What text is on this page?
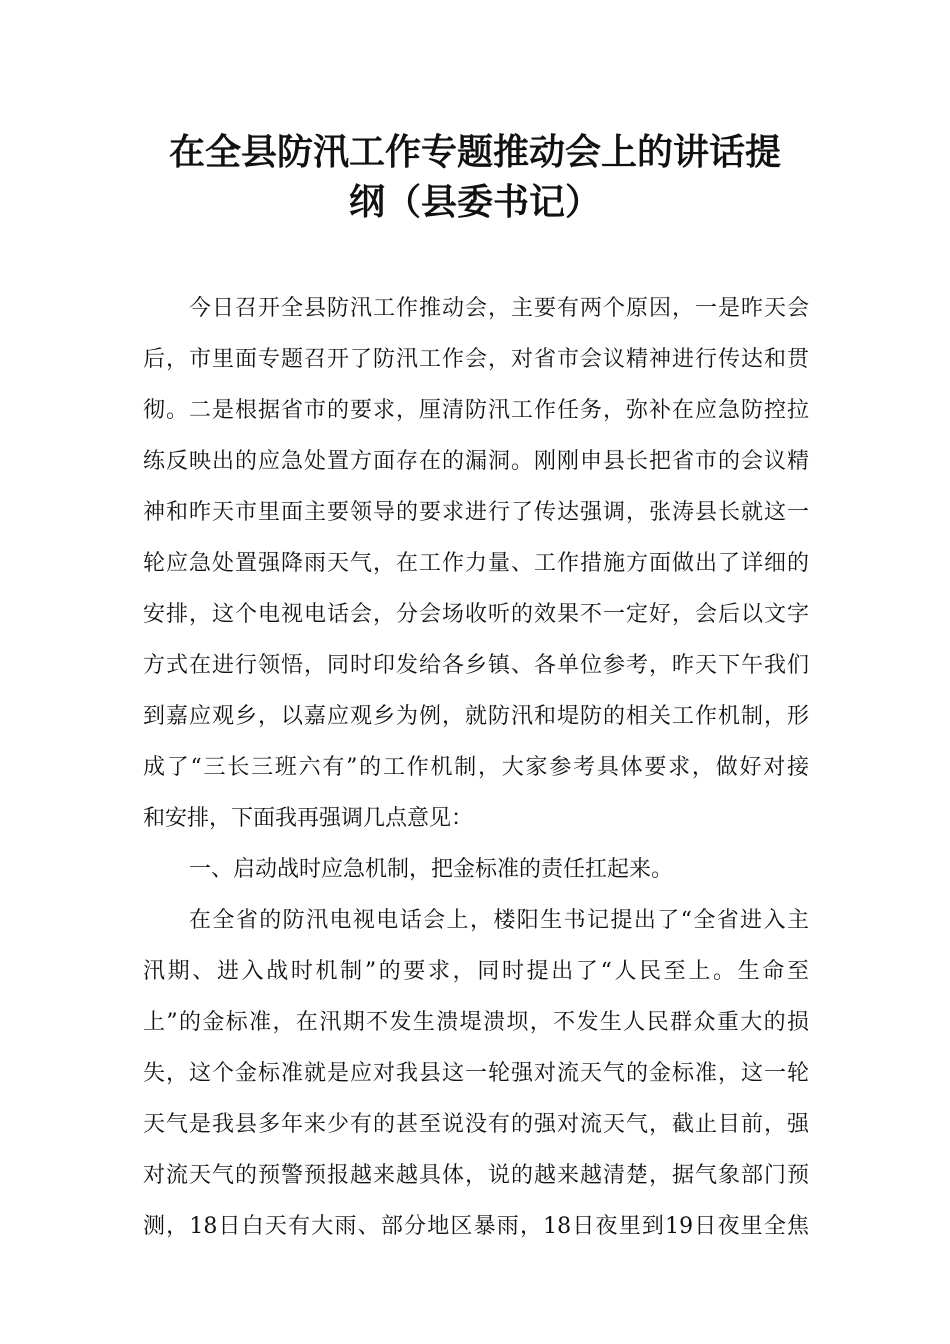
在全县防汛工作专题推动会上的讲话提
纲（县委书记）
今日召开全县防汛工作推动会，主要有两个原因，一是昨天会
后，市里面专题召开了防汛工作会，对省市会议精神进行传达和贯
彻。二是根据省市的要求，厘清防汛工作任务，弥补在应急防控拉
练反映出的应急处置方面存在的漏洞。刚刚申县长把省市的会议精
神和昨天市里面主要领导的要求进行了传达强调，张涛县长就这一
轮应急处置强降雨天气，在工作力量、工作措施方面做出了详细的
安排，这个电视电话会，分会场收听的效果不一定好，会后以文字
方式在进行领悟，同时印发给各乡镇、各单位参考，昨天下午我们
到嘉应观乡，以嘉应观乡为例，就防汛和堤防的相关工作机制，形
成了“三长三班六有”的工作机制，大家参考具体要求，做好对接
和安排，下面我再强调几点意见：
一、启动战时应急机制，把金标准的责任扛起来。
在全省的防汛电视电话会上，楼阳生书记提出了“全省进入主
汛期、进入战时机制”的要求，同时提出了“人民至上。生命至
上”的金标准，在汛期不发生溃堤溃坝，不发生人民群众重大的损
失，这个金标准就是应对我县这一轮强对流天气的金标准，这一轮
天气是我县多年来少有的甚至说没有的强对流天气，截止目前，强
对流天气的预警预报越来越具体，说的越来越清楚，据气象部门预
测，18日白天有大雨、部分地区暴雨，18日夜里到19日夜里全焦
